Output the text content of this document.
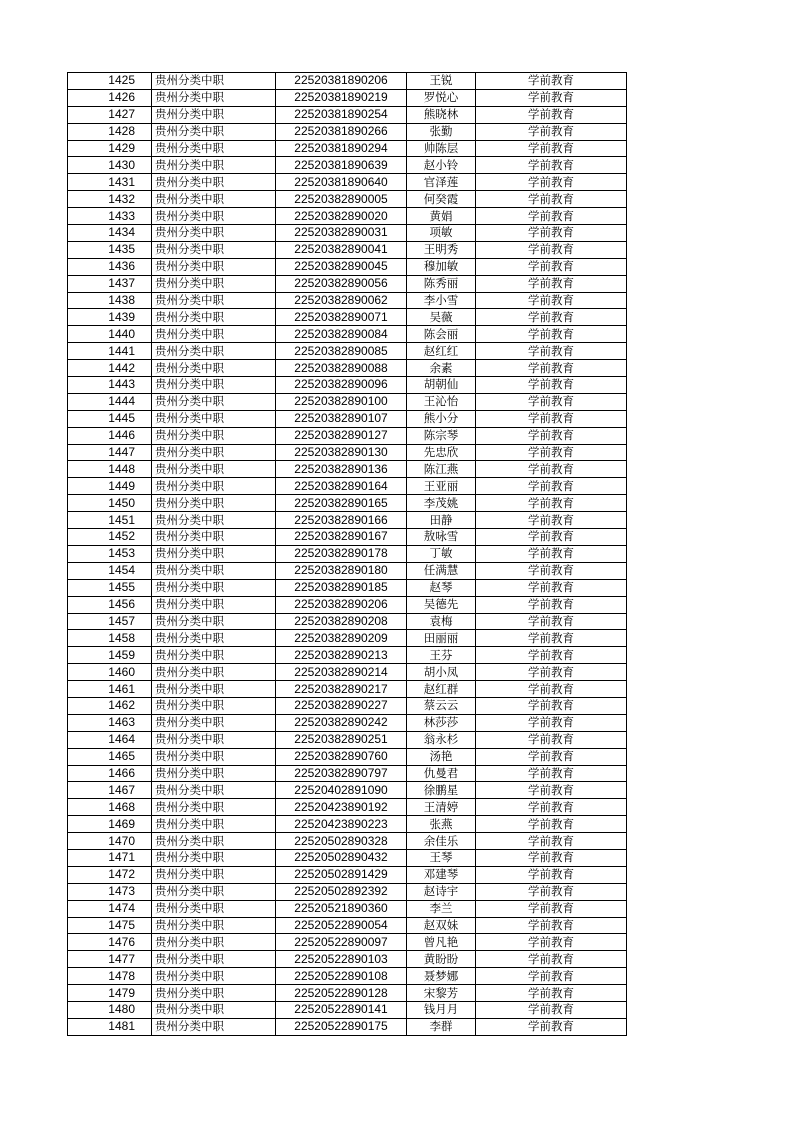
1425	贵州分类中职	22520381890206	王锐	学前教育
1426	贵州分类中职	22520381890219	罗悦心	学前教育
1427	贵州分类中职	22520381890254	熊晓林	学前教育
1428	贵州分类中职	22520381890266	张勤	学前教育
1429	贵州分类中职	22520381890294	帅陈层	学前教育
1430	贵州分类中职	22520381890639	赵小铃	学前教育
1431	贵州分类中职	22520381890640	官泽莲	学前教育
1432	贵州分类中职	22520382890005	何癸霞	学前教育
1433	贵州分类中职	22520382890020	黄娟	学前教育
1434	贵州分类中职	22520382890031	项敏	学前教育
1435	贵州分类中职	22520382890041	王明秀	学前教育
1436	贵州分类中职	22520382890045	穆加敏	学前教育
1437	贵州分类中职	22520382890056	陈秀丽	学前教育
1438	贵州分类中职	22520382890062	李小雪	学前教育
1439	贵州分类中职	22520382890071	吴薇	学前教育
1440	贵州分类中职	22520382890084	陈会丽	学前教育
1441	贵州分类中职	22520382890085	赵红红	学前教育
1442	贵州分类中职	22520382890088	余素	学前教育
1443	贵州分类中职	22520382890096	胡朝仙	学前教育
1444	贵州分类中职	22520382890100	王沁怡	学前教育
1445	贵州分类中职	22520382890107	熊小分	学前教育
1446	贵州分类中职	22520382890127	陈宗琴	学前教育
1447	贵州分类中职	22520382890130	先忠欣	学前教育
1448	贵州分类中职	22520382890136	陈江燕	学前教育
1449	贵州分类中职	22520382890164	王亚丽	学前教育
1450	贵州分类中职	22520382890165	李茂姚	学前教育
1451	贵州分类中职	22520382890166	田静	学前教育
1452	贵州分类中职	22520382890167	敖咏雪	学前教育
1453	贵州分类中职	22520382890178	丁敏	学前教育
1454	贵州分类中职	22520382890180	任满慧	学前教育
1455	贵州分类中职	22520382890185	赵琴	学前教育
1456	贵州分类中职	22520382890206	吴德先	学前教育
1457	贵州分类中职	22520382890208	袁梅	学前教育
1458	贵州分类中职	22520382890209	田丽丽	学前教育
1459	贵州分类中职	22520382890213	王芬	学前教育
1460	贵州分类中职	22520382890214	胡小凤	学前教育
1461	贵州分类中职	22520382890217	赵红群	学前教育
1462	贵州分类中职	22520382890227	蔡云云	学前教育
1463	贵州分类中职	22520382890242	林莎莎	学前教育
1464	贵州分类中职	22520382890251	翁永杉	学前教育
1465	贵州分类中职	22520382890760	汤艳	学前教育
1466	贵州分类中职	22520382890797	仇曼君	学前教育
1467	贵州分类中职	22520402891090	徐鹏星	学前教育
1468	贵州分类中职	22520423890192	王清婷	学前教育
1469	贵州分类中职	22520423890223	张燕	学前教育
1470	贵州分类中职	22520502890328	余佳乐	学前教育
1471	贵州分类中职	22520502890432	王琴	学前教育
1472	贵州分类中职	22520502891429	邓建琴	学前教育
1473	贵州分类中职	22520502892392	赵诗宇	学前教育
1474	贵州分类中职	22520521890360	李兰	学前教育
1475	贵州分类中职	22520522890054	赵双妹	学前教育
1476	贵州分类中职	22520522890097	曾凡艳	学前教育
1477	贵州分类中职	22520522890103	黄盼盼	学前教育
1478	贵州分类中职	22520522890108	聂梦娜	学前教育
1479	贵州分类中职	22520522890128	宋黎芳	学前教育
1480	贵州分类中职	22520522890141	钱月月	学前教育
1481	贵州分类中职	22520522890175	李群	学前教育
